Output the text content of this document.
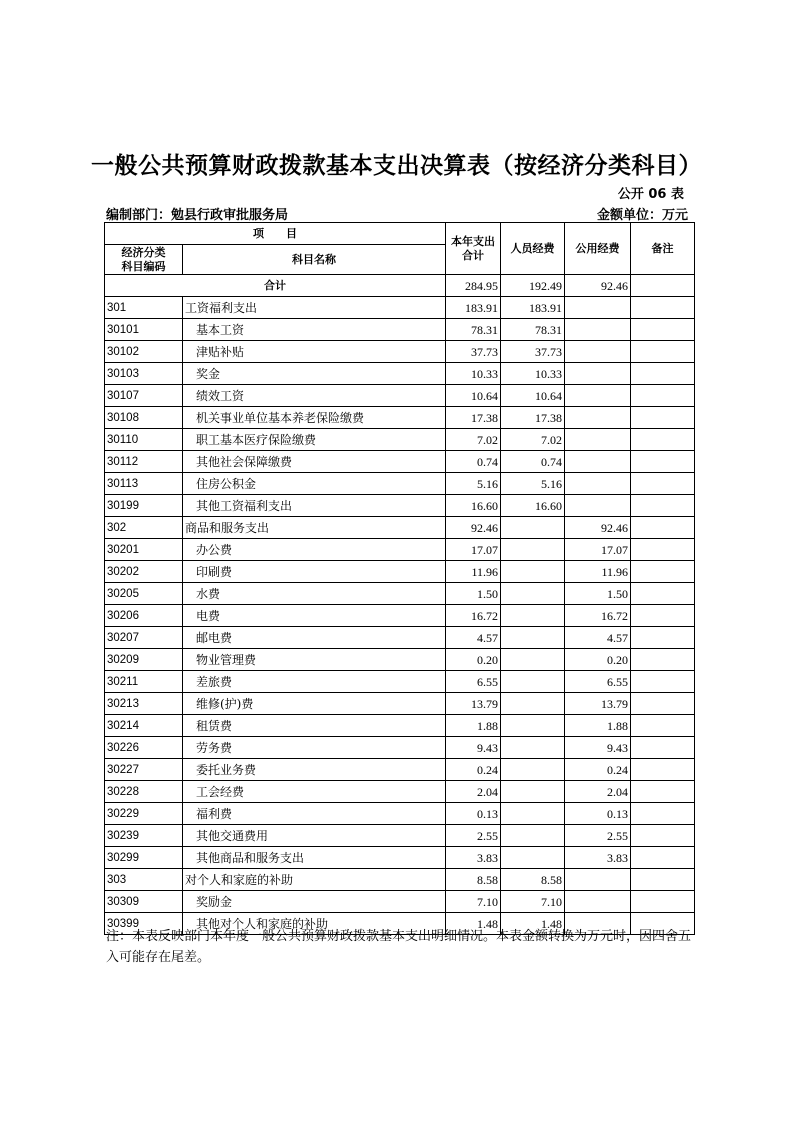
一般公共预算财政拨款基本支出决算表（按经济分类科目）
公开 06 表
编制部门：勉县行政审批服务局	金额单位：万元
项　　目		本年支出
合计	人员经费	公用经费	备注
经济分类
科目编码	科目名称				
合计		284.95	192.49	92.46	
301	工资福利支出	183.91	183.91		
30101	基本工资	78.31	78.31		
30102	津贴补贴	37.73	37.73		
30103	奖金	10.33	10.33		
30107	绩效工资	10.64	10.64		
30108	机关事业单位基本养老保险缴费	17.38	17.38		
30110	职工基本医疗保险缴费	7.02	7.02		
30112	其他社会保障缴费	0.74	0.74		
30113	住房公积金	5.16	5.16		
30199	其他工资福利支出	16.60	16.60		
302	商品和服务支出	92.46		92.46	
30201	办公费	17.07		17.07	
30202	印刷费	11.96		11.96	
30205	水费	1.50		1.50	
30206	电费	16.72		16.72	
30207	邮电费	4.57		4.57	
30209	物业管理费	0.20		0.20	
30211	差旅费	6.55		6.55	
30213	维修(护)费	13.79		13.79	
30214	租赁费	1.88		1.88	
30226	劳务费	9.43		9.43	
30227	委托业务费	0.24		0.24	
30228	工会经费	2.04		2.04	
30229	福利费	0.13		0.13	
30239	其他交通费用	2.55		2.55	
30299	其他商品和服务支出	3.83		3.83	
303	对个人和家庭的补助	8.58	8.58		
30309	奖励金	7.10	7.10		
30399	其他对个人和家庭的补助	1.48	1.48		
注：本表反映部门本年度一般公共预算财政拨款基本支出明细情况。本表金额转换为万元时，因四舍五入可能存在尾差。
